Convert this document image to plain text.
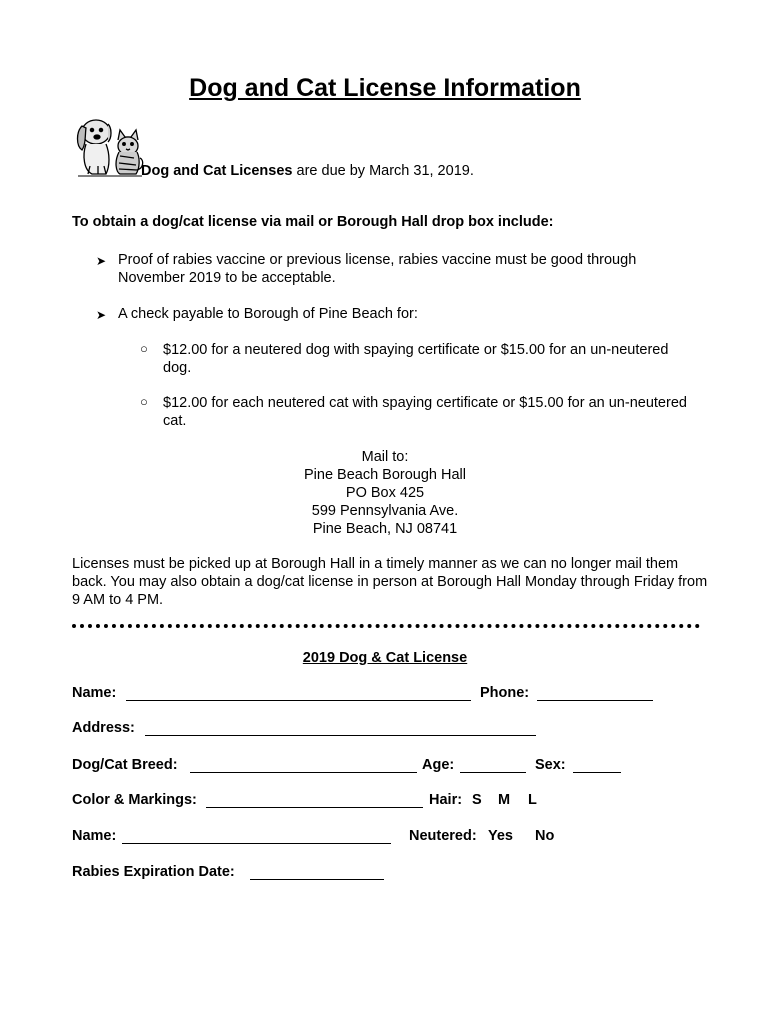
Dog and Cat License Information
Dog and Cat Licenses are due by March 31, 2019.
To obtain a dog/cat license via mail or Borough Hall drop box include:
➤ Proof of rabies vaccine or previous license, rabies vaccine must be good through November 2019 to be acceptable.
➤ A check payable to Borough of Pine Beach for:
○ $12.00 for a neutered dog with spaying certificate or $15.00 for an un-neutered dog.
○ $12.00 for each neutered cat with spaying certificate or $15.00 for an un-neutered cat.
Mail to:
Pine Beach Borough Hall
PO Box 425
599 Pennsylvania Ave.
Pine Beach, NJ 08741
Licenses must be picked up at Borough Hall in a timely manner as we can no longer mail them back. You may also obtain a dog/cat license in person at Borough Hall Monday through Friday from 9 AM to 4 PM.
2019 Dog & Cat License
Name:	Phone:
Address:
Dog/Cat Breed:	Age:	Sex:
Color & Markings:	Hair: S M L
Name:	Neutered: Yes No
Rabies Expiration Date:
